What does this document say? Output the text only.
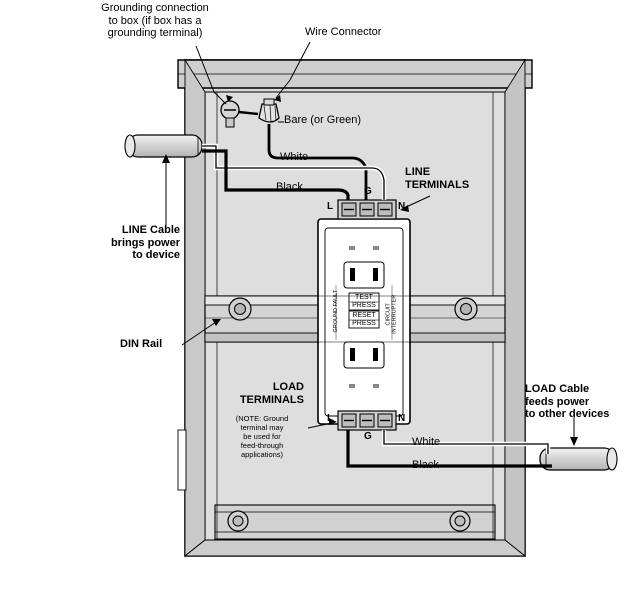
Grounding connection
to box (if box has a
grounding terminal)	Wire Connector
Bare (or Green)
White
Black
LINE
TERMINALS
LINE Cable
brings power
to device
DIN Rail
LOAD
TERMINALS
(NOTE: Ground
terminal may
be used for
feed-through
applications)
LOAD Cable
feeds power
to other devices
White
Black
L
G
N
L
G
N
TEST
PRESS
RESET
PRESS
GROUND FAULT	CIRCUIT INTERRUPTER
